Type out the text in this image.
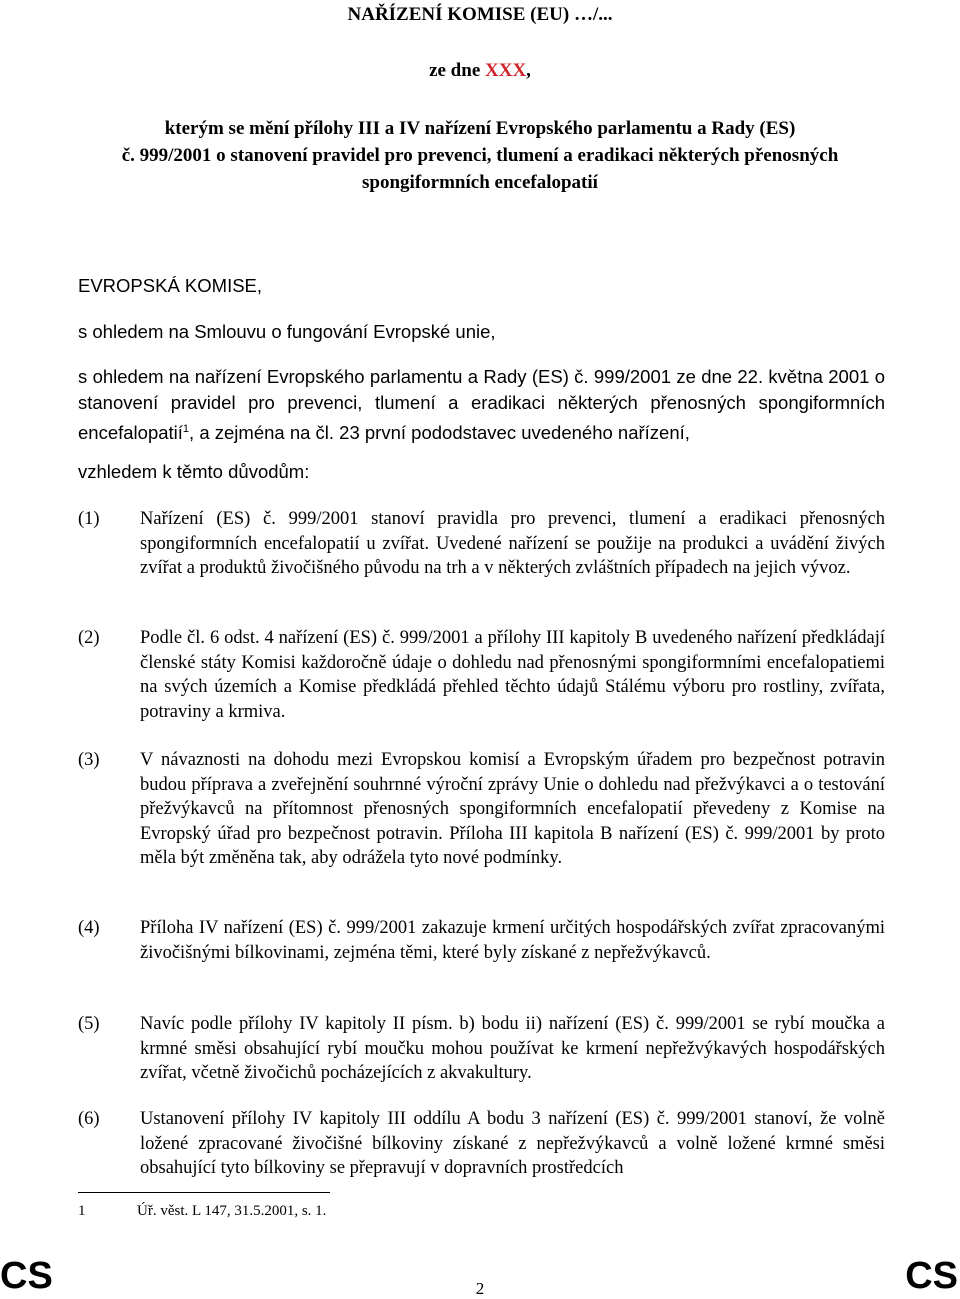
NAŘÍZENÍ KOMISE (EU) …/...
ze dne XXX,
kterým se mění přílohy III a IV nařízení Evropského parlamentu a Rady (ES)
č. 999/2001 o stanovení pravidel pro prevenci, tlumení a eradikaci některých přenosných spongiformních encefalopatií
EVROPSKÁ KOMISE,
s ohledem na Smlouvu o fungování Evropské unie,
s ohledem na nařízení Evropského parlamentu a Rady (ES) č. 999/2001 ze dne 22. května 2001 o stanovení pravidel pro prevenci, tlumení a eradikaci některých přenosných spongiformních encefalopatií$^1$, a zejména na čl. 23 první pododstavec uvedeného nařízení,
vzhledem k těmto důvodům:
(1)	Nařízení (ES) č. 999/2001 stanoví pravidla pro prevenci, tlumení a eradikaci přenosných spongiformních encefalopatií u zvířat. Uvedené nařízení se použije na produkci a uvádění živých zvířat a produktů živočišného původu na trh a v některých zvláštních případech na jejich vývoz.
(2)	Podle čl. 6 odst. 4 nařízení (ES) č. 999/2001 a přílohy III kapitoly B uvedeného nařízení předkládají členské státy Komisi každoročně údaje o dohledu nad přenosnými spongiformními encefalopatiemi na svých územích a Komise předkládá přehled těchto údajů Stálému výboru pro rostliny, zvířata, potraviny a krmiva.
(3)	V návaznosti na dohodu mezi Evropskou komisí a Evropským úřadem pro bezpečnost potravin budou příprava a zveřejnění souhrnné výroční zprávy Unie o dohledu nad přežvýkavci a o testování přežvýkavců na přítomnost přenosných spongiformních encefalopatií převedeny z Komise na Evropský úřad pro bezpečnost potravin. Příloha III kapitola B nařízení (ES) č. 999/2001 by proto měla být změněna tak, aby odrážela tyto nové podmínky.
(4)	Příloha IV nařízení (ES) č. 999/2001 zakazuje krmení určitých hospodářských zvířat zpracovanými živočišnými bílkovinami, zejména těmi, které byly získané z nepřežvýkavců.
(5)	Navíc podle přílohy IV kapitoly II písm. b) bodu ii) nařízení (ES) č. 999/2001 se rybí moučka a krmné směsi obsahující rybí moučku mohou používat ke krmení nepřežvýkavých hospodářských zvířat, včetně živočichů pocházejících z akvakultury.
(6)	Ustanovení přílohy IV kapitoly III oddílu A bodu 3 nařízení (ES) č. 999/2001 stanoví, že volně ložené zpracované živočišné bílkoviny získané z nepřežvýkavců a volně ložené krmné směsi obsahující tyto bílkoviny se přepravují v dopravních prostředcích
1	Úř. věst. L 147, 31.5.2001, s. 1.
CS	2	CS
